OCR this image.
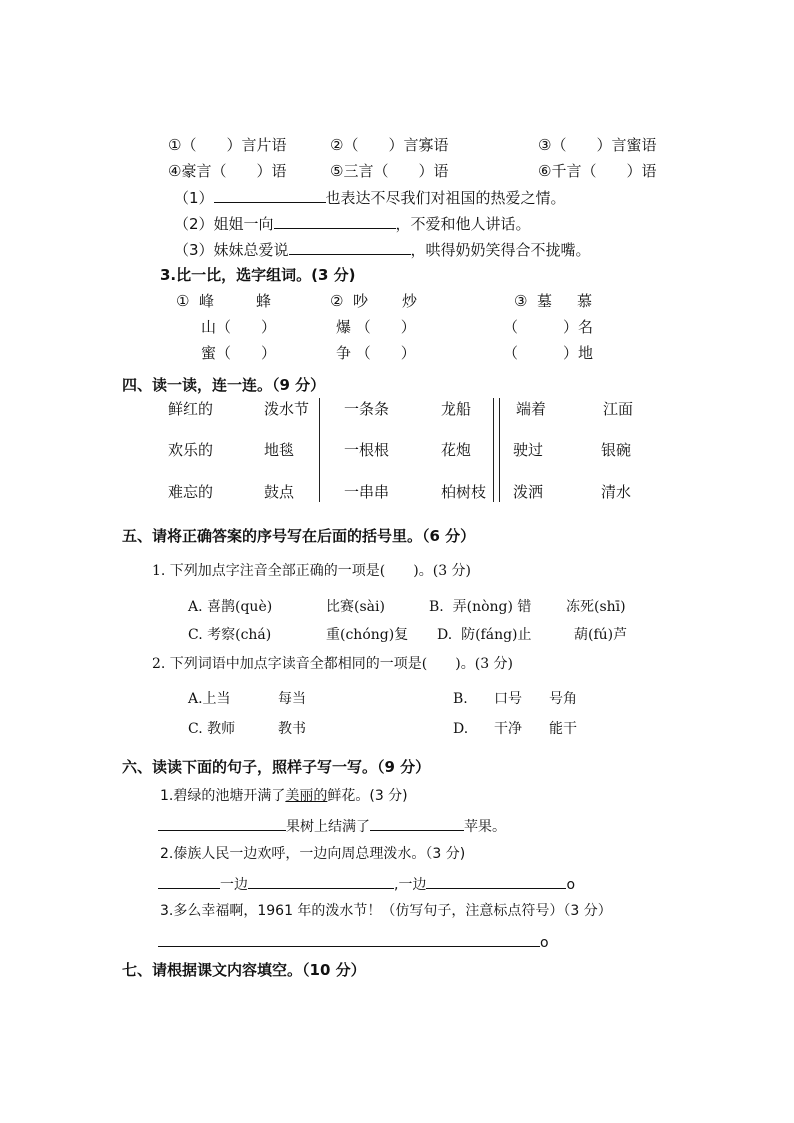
①（　　）言片语	②（　　）言寡语	③（　　）言蜜语
④豪言（　　）语	⑤三言（　　）语	⑥千言（　　）语
（1）	也表达不尽我们对祖国的热爱之情。
（2）姐姐一向	，不爱和他人讲话。
（3）妹妹总爱说	，哄得奶奶笑得合不拢嘴。
3.比一比，选字组词。(3 分)
①  峰	蜂	②  吵 炒	③  墓 慕
山（　　）	爆 （　　）	（　　　）名
蜜（　　）	争 （　　）	（　　　）地
四、读一读，连一连。（9 分）
鲜红的	泼水节 一条条	龙船	端着	江面
欢乐的	地毯	一根根	花炮	驶过	银碗
难忘的	鼓点	一串串	柏树枝 泼洒	清水
五、请将正确答案的序号写在后面的括号里。（6 分）
1. 下列加点字注音全部正确的一项是(　　)。(3 分)
A. 喜鹊(què)	比赛(sài)	B.  弄(nòng) 错 冻死(shī)
C. 考察(chá)	重(chóng)复 D.  防(fáng)止	葫(fú)芦
2. 下列词语中加点字读音全都相同的一项是(　　)。(3 分)
A.上当	每当	B. 口号 号角
C. 教师	教书	D. 干净 能干
六、读读下面的句子，照样子写一写。（9 分）
1.碧绿的池塘开满了美丽的鲜花。(3 分)
果树上结满了	苹果。
2.傣族人民一边欢呼，一边向周总理泼水。（3 分)
一边	,一边	o
3.多么幸福啊，1961 年的泼水节！（仿写句子，注意标点符号）（3 分）
o
七、请根据课文内容填空。（10 分）
